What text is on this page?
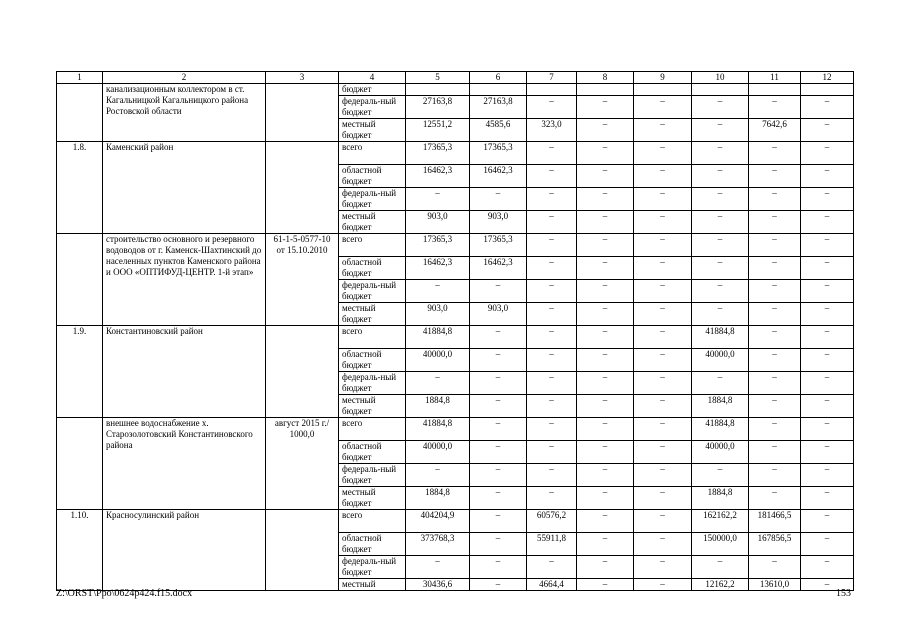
1	2	3	4	5	6	7	8	9	10	11	12
	канализационным коллектором в ст. Кагальницкой Кагальницкого района Ростовской области		бюджет								
			федераль-ный бюджет	27163,8	27163,8	–	–	–	–	–	–
			местный бюджет	12551,2	4585,6	323,0	–	–	–	7642,6	–
1.8.	Каменский район		всего	17365,3	17365,3	–	–	–	–	–	–
			областной бюджет	16462,3	16462,3	–	–	–	–	–	–
			федераль-ный бюджет	–	–	–	–	–	–	–	–
			местный бюджет	903,0	903,0	–	–	–	–	–	–
	строительство основного и резервного водоводов от г. Каменск-Шахтинский до населенных пунктов Каменского района и ООО «ОПТИФУД-ЦЕНТР. 1-й этап»	61-1-5-0577-10 от 15.10.2010	всего	17365,3	17365,3	–	–	–	–	–	–
			областной бюджет	16462,3	16462,3	–	–	–	–	–	–
			федераль-ный бюджет	–	–	–	–	–	–	–	–
			местный бюджет	903,0	903,0	–	–	–	–	–	–
1.9.	Константиновский район		всего	41884,8	–	–	–	–	41884,8	–	–
			областной бюджет	40000,0	–	–	–	–	40000,0	–	–
			федераль-ный бюджет	–	–	–	–	–	–	–	–
			местный бюджет	1884,8	–	–	–	–	1884,8	–	–
	внешнее водоснабжение х. Старозолотовский Константиновского района	август 2015 г./ 1000,0	всего	41884,8	–	–	–	–	41884,8	–	–
			областной бюджет	40000,0	–	–	–	–	40000,0	–	–
			федераль-ный бюджет	–	–	–	–	–	–	–	–
			местный бюджет	1884,8	–	–	–	–	1884,8	–	–
1.10.	Красносулинский район		всего	404204,9	–	60576,2	–	–	162162,2	181466,5	–
			областной бюджет	373768,3	–	55911,8	–	–	150000,0	167856,5	–
			федераль-ный бюджет	–	–	–	–	–	–	–	–
			местный	30436,6	–	4664,4	–	–	12162,2	13610,0	–
Z:\ORST\Ppo\0624p424.f15.docx	153
